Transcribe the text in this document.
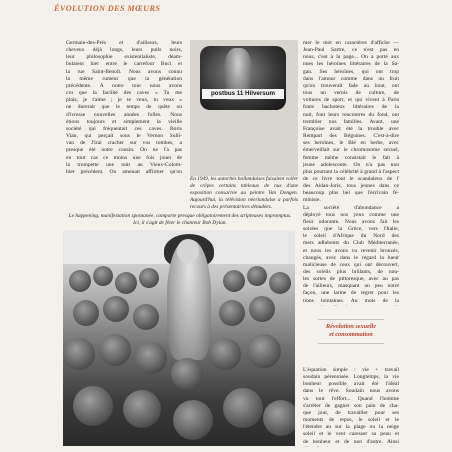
ÉVOLUTION DES MŒURS
Germain-des-Prés et d'ailleurs, leurs
cheveux déjà longs, leurs pulls noirs,
leur philosophie existentialiste, déam-
bulaient hier entre le carrefour Buci et
la rue Saint-Benoît. Nous avons connu
la même rumeur que la génération
précédente. A notre tour nous avons
cru que la facilité des caves « Tu me
plais, je t'aime ; je te veux, tu veux »
ne durerait que le temps de quête ou
d'ivresse nouvelles années folles. Nous
étions toujours et simplement la vieille
société qui fréquentait ces caves. Boris
Vian, qui perçait sous le Vernon Sulli-
van de J'irai cracher sur vos tombes, a
presque été notre cousin. On ne l'a pas
en tout cas ce moins une fois jouer de
la trompette une nuit au Vieux-Colom-
bier précédent. On amenait affirmer qu'on
postbus 11 Hilversum
En 1949, les autorités hollandaises faisaient voiler de crêpes certains tableaux de nus d'une exposition consacrée au peintre Van Dongen. Aujourd'hui, la télévision néerlandaise a parfois recours à des présentatrices dénudées.
Le happening, manifestation spontanée, comporte presque obligatoirement des stripteases impromptus. Ici, il s'agit de fêter le chanteur Bob Dylan.
mer le mot en caractères d'affiche —
Jean-Paul Sartre, ce n'est pas en
nous, c'est à la page... On a porté aux
nues les héroïnes littéraires de la Sa-
gan. Ses héroïnes, qui ont trop
dans l'amour comme dans un fruit
qu'on trouverait fade au bout, ont
tous un vernis de culture, de
voitures de sport, et qui vivent à Paris
fonts bachoteux littéraires de la
nuit, font leurs rencontres du fond, ont
trembler nos familles. Avant, une
Françoise avait été la trouble avec
Rempart des Béguines. C'est-à-dire
ses heroïnes, le Blé en herbe, avec
émerveillait sur le chromosome sexuel,
femme même consistait le fait à
jeune adolescente. On n'a pas non
plus pourtant la célébrité à grand à l'aspect
de ce livre tout le scandaleux de l'
des Aidan-Joris, tous jeunes dans ce
beaucoup plus bel que l'écrivain fé-
ministe.
La société d'abondance a
déployé tous nos yeux comme une
fleur odorante. Nous avons fait les
soirées que la Grèce, vers l'Italie,
le soleil d'Afrique du Nord des
mers adhérents du Club Méditerranée,
et nous les avons vu revenir bronzés,
changés, avec dans le regard la lueur
malicieuse de ceux qui ont découvert,
des soleils plus brûlants, de nou-
les sortes de pittoresque, avec au pas
de l'ailleurs, masquant un peu notre
façon, une larme de regret pour les
tions lointaines. Au mois de la
Révolution sexuelle
et consommation
L'équation simple : vie + travail
soudain pérennisée. Longtemps, la vie
bonheur possible avait été l'idéal
dans le rêve. Soudain nous avons
vu tout l'effort... Quand l'homme
s'arrêter de gagner son pain de cha-
que jour, de travailler pour ses
moments de repos, le soleil et le
l'étendre au sur la plage ou la neige
soleil et le vent caresser sa peau et
de bonheur et de non d'autre. Ainsi
